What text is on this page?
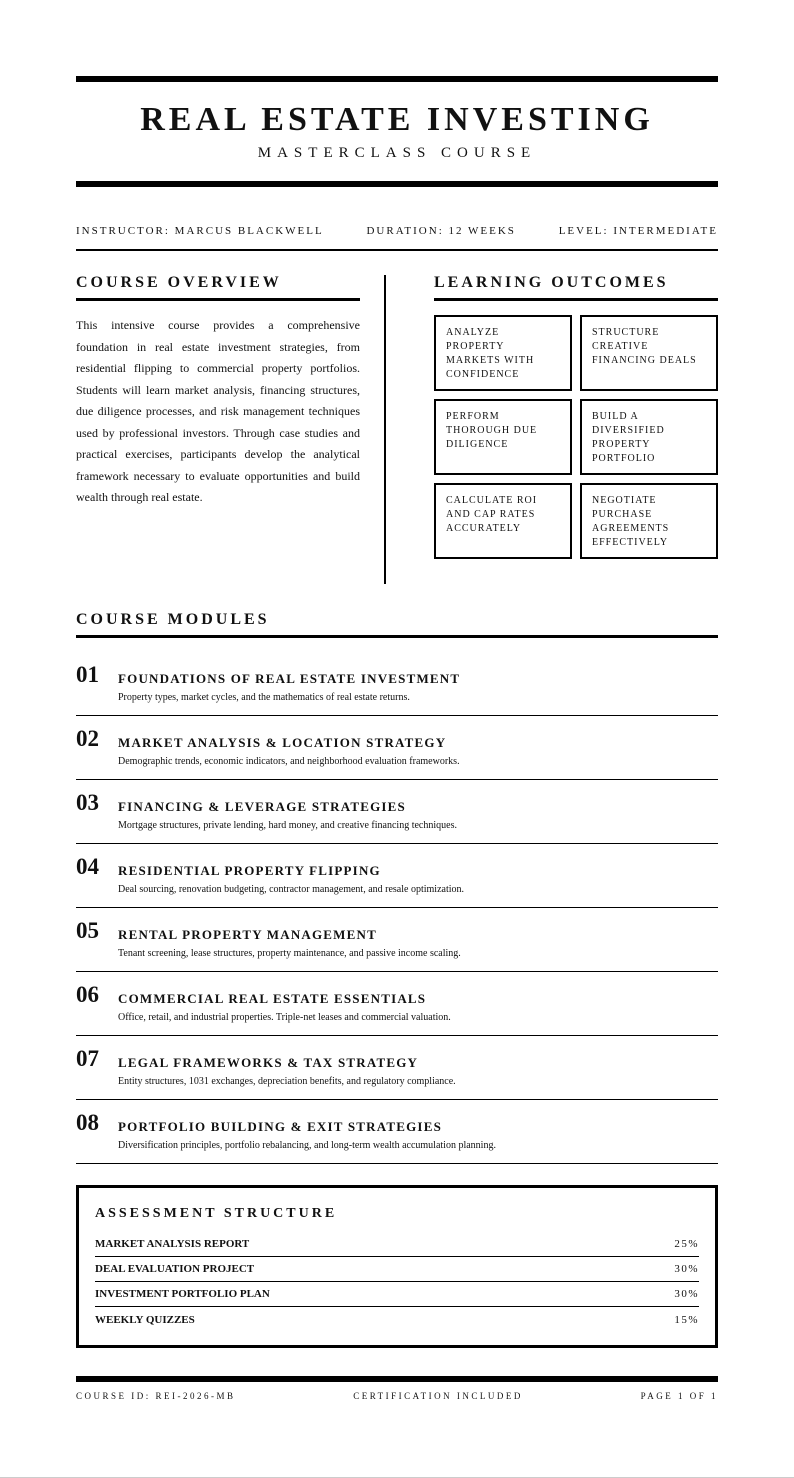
REAL ESTATE INVESTING
MASTERCLASS COURSE
INSTRUCTOR: MARCUS BLACKWELL	DURATION: 12 WEEKS	LEVEL: INTERMEDIATE
COURSE OVERVIEW

This intensive course provides a comprehensive foundation in real estate investment strategies, from residential flipping to commercial property portfolios. Students will learn market analysis, financing structures, due diligence processes, and risk management techniques used by professional investors. Through case studies and practical exercises, participants develop the analytical framework necessary to evaluate opportunities and build wealth through real estate.

LEARNING OUTCOMES
ANALYZE PROPERTY MARKETS WITH CONFIDENCE
STRUCTURE CREATIVE FINANCING DEALS
PERFORM THOROUGH DUE DILIGENCE
BUILD A DIVERSIFIED PROPERTY PORTFOLIO
CALCULATE ROI AND CAP RATES ACCURATELY
NEGOTIATE PURCHASE AGREEMENTS EFFECTIVELY
COURSE MODULES
01 FOUNDATIONS OF REAL ESTATE INVESTMENT
Property types, market cycles, and the mathematics of real estate returns.
02 MARKET ANALYSIS & LOCATION STRATEGY
Demographic trends, economic indicators, and neighborhood evaluation frameworks.
03 FINANCING & LEVERAGE STRATEGIES
Mortgage structures, private lending, hard money, and creative financing techniques.
04 RESIDENTIAL PROPERTY FLIPPING
Deal sourcing, renovation budgeting, contractor management, and resale optimization.
05 RENTAL PROPERTY MANAGEMENT
Tenant screening, lease structures, property maintenance, and passive income scaling.
06 COMMERCIAL REAL ESTATE ESSENTIALS
Office, retail, and industrial properties. Triple-net leases and commercial valuation.
07 LEGAL FRAMEWORKS & TAX STRATEGY
Entity structures, 1031 exchanges, depreciation benefits, and regulatory compliance.
08 PORTFOLIO BUILDING & EXIT STRATEGIES
Diversification principles, portfolio rebalancing, and long-term wealth accumulation planning.
ASSESSMENT STRUCTURE
MARKET ANALYSIS REPORT	25%
DEAL EVALUATION PROJECT	30%
INVESTMENT PORTFOLIO PLAN	30%
WEEKLY QUIZZES	15%
COURSE ID: REI-2026-MB	CERTIFICATION INCLUDED	PAGE 1 OF 1
